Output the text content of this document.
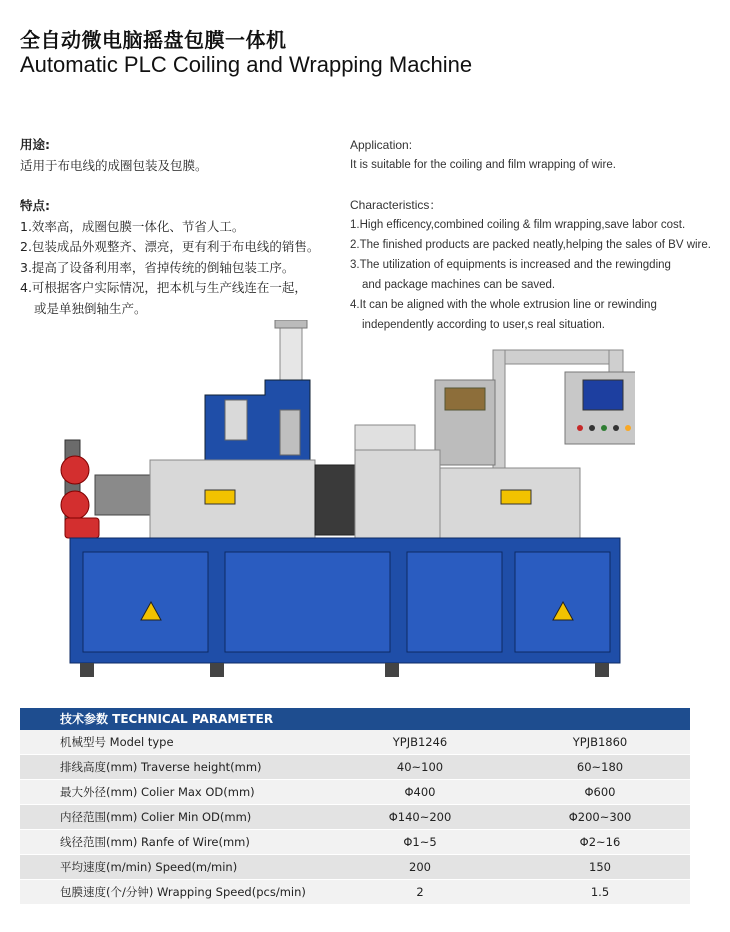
全自动微电脑摇盘包膜一体机
Automatic PLC Coiling and Wrapping Machine
用途:
适用于布电线的成圈包装及包膜。
特点:
1.效率高，成圈包膜一体化、节省人工。
2.包装成品外观整齐、漂亮，更有利于布电线的销售。
3.提高了设备利用率，省掉传统的倒轴包装工序。
4.可根据客户实际情况，把本机与生产线连在一起，
或是单独倒轴生产。
Application:
It is suitable for the coiling and film wrapping of wire.
Characteristics：
1.High efficency,combined coiling & film wrapping,save labor cost.
2.The finished products are packed neatly,helping the sales of BV wire.
3.The utilization of equipments is increased and the rewingding
and package machines can be saved.
4.It can be aligned with the whole extrusion line or rewinding
independently according to user,s real situation.
技术参数 TECHNICAL PARAMETER
机械型号 Model type	YPJB1246	YPJB1860
排线高度(mm) Traverse height(mm)	40~100	60~180
最大外径(mm) Colier Max OD(mm)	Φ400	Φ600
内径范围(mm) Colier Min OD(mm)	Φ140~200	Φ200~300
线径范围(mm) Ranfe of Wire(mm)	Φ1~5	Φ2~16
平均速度(m/min) Speed(m/min)	200	150
包膜速度(个/分钟) Wrapping Speed(pcs/min)	2	1.5
